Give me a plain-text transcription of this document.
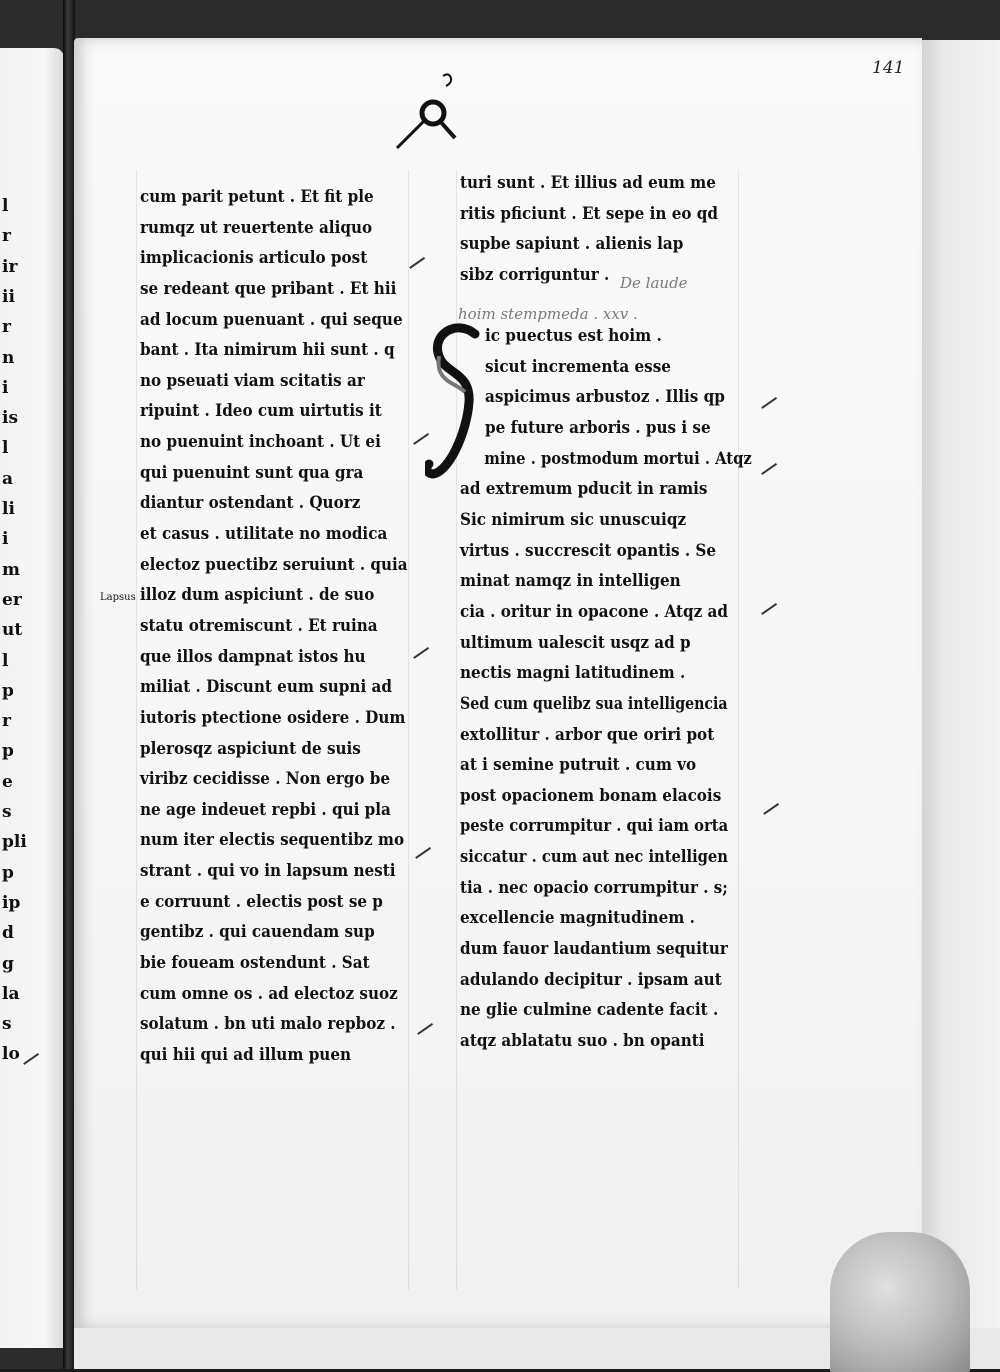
141
Lapsus
cum parit petunt . Et fit ple
rumqz ut reuertente aliquo
implicacionis articulo post
se redeant que pribant . Et hii
ad locum puenuant . qui seque
bant . Ita nimirum hii sunt . q
no pseuati viam scitatis ar
ripuint . Ideo cum uirtutis it
no puenuint inchoant . Ut ei
qui puenuint sunt qua gra
diantur ostendant . Quorz
et casus . utilitate no modica
electoz puectibz seruiunt . quia
illoz dum aspiciunt . de suo
statu otremiscunt . Et ruina
que illos dampnat istos hu
miliat . Discunt eum supni ad
iutoris ptectione osidere . Dum
plerosqz aspiciunt de suis
viribz cecidisse . Non ergo be
ne age indeuet repbi . qui pla
num iter electis sequentibz mo
strant . qui vo in lapsum nesti
e corruunt . electis post se p
gentibz . qui cauendam sup
bie foueam ostendunt . Sat
cum omne os . ad electoz suoz
solatum . bn uti malo repboz .
qui hii qui ad illum puen
turi sunt . Et illius ad eum me
ritis pficiunt . Et sepe in eo qd
supbe sapiunt . alienis lap
sibz corriguntur .
ic puectus est hoim .
sicut incrementa esse
aspicimus arbustoz . Illis qp
pe future arboris . pus i se
mine . postmodum mortui . Atqz
ad extremum pducit in ramis
Sic nimirum sic unuscuiqz
virtus . succrescit opantis . Se
minat namqz in intelligen
cia . oritur in opacone . Atqz ad
ultimum ualescit usqz ad p
nectis magni latitudinem .
Sed cum quelibz sua intelligencia
extollitur . arbor que oriri pot
at i semine putruit . cum vo
post opacionem bonam elacois
peste corrumpitur . qui iam orta
siccatur . cum aut nec intelligen
tia . nec opacio corrumpitur . s;
excellencie magnitudinem .
dum fauor laudantium sequitur
adulando decipitur . ipsam aut
ne glie culmine cadente facit .
atqz ablatatu suo . bn opanti
De laude
hoim stempmeda . xxv .
l
r
ir
ii
r
n
i
is
l
a
li
i
m
er
ut
l
p
r
p
e
s
pli
p
ip
d
g
la
s
lo
